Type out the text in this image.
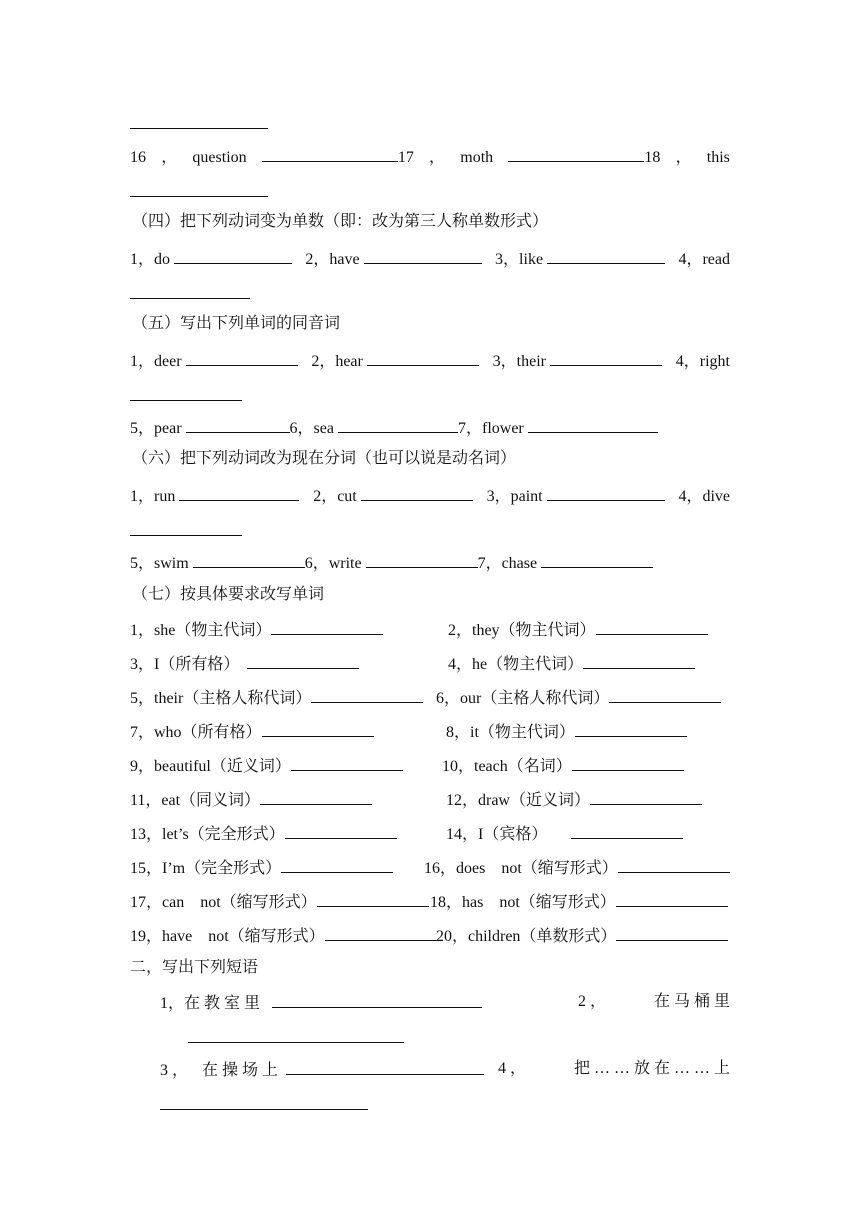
16 ， question	17 ， moth	18 ， this
（四）把下列动词变为单数（即：改为第三人称单数形式）
1，do	2，have	3，like	4，read
（五）写出下列单词的同音词
1，deer	2，hear	3，their	4，right
5，pear	6，sea	7，flower
（六）把下列动词改为现在分词（也可以说是动名词）
1，run	2，cut	3，paint	4，dive
5，swim	6，write	7，chase
（七）按具体要求改写单词
1，she（物主代词）	2，they（物主代词）
3，I（所有格）　	4，he（物主代词）
5，their（主格人称代词）	6，our（主格人称代词）
7，who（所有格）	8，it（物主代词）
9，beautiful（近义词）	10，teach（名词）
11，eat（同义词）	12，draw（近义词）
13，let’s（完全形式）	14，I（宾格）　　
15，I’m（完全形式）	16，does　not（缩写形式）
17，can　not（缩写形式）	18，has　not（缩写形式）
19，have　not（缩写形式）	20，children（单数形式）
二，写出下列短语
1，在 教 室 里	2 ，	在 马 桶 里
3 ， 在 操 场 上	4 ，	把 … … 放 在 … … 上
